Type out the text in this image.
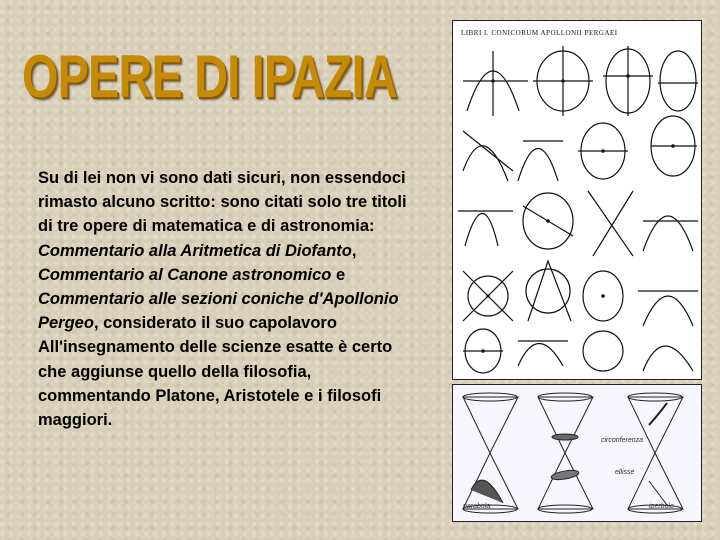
OPERE DI IPAZIA
Su di lei non vi sono dati sicuri, non essendoci rimasto alcuno scritto: sono citati solo tre titoli di tre opere di matematica e di astronomia: Commentario alla Aritmetica di Diofanto, Commentario al Canone astronomico e Commentario alle sezioni coniche d'Apollonio Pergeo, considerato il suo capolavoro All'insegnamento delle scienze esatte è certo che aggiunse quello della filosofia, commentando Platone, Aristotele e i filosofi maggiori.
LIBRI I. CONICORUM APOLLONII PERGAEI
circonferenza
ellisse
parabola	iperbole
